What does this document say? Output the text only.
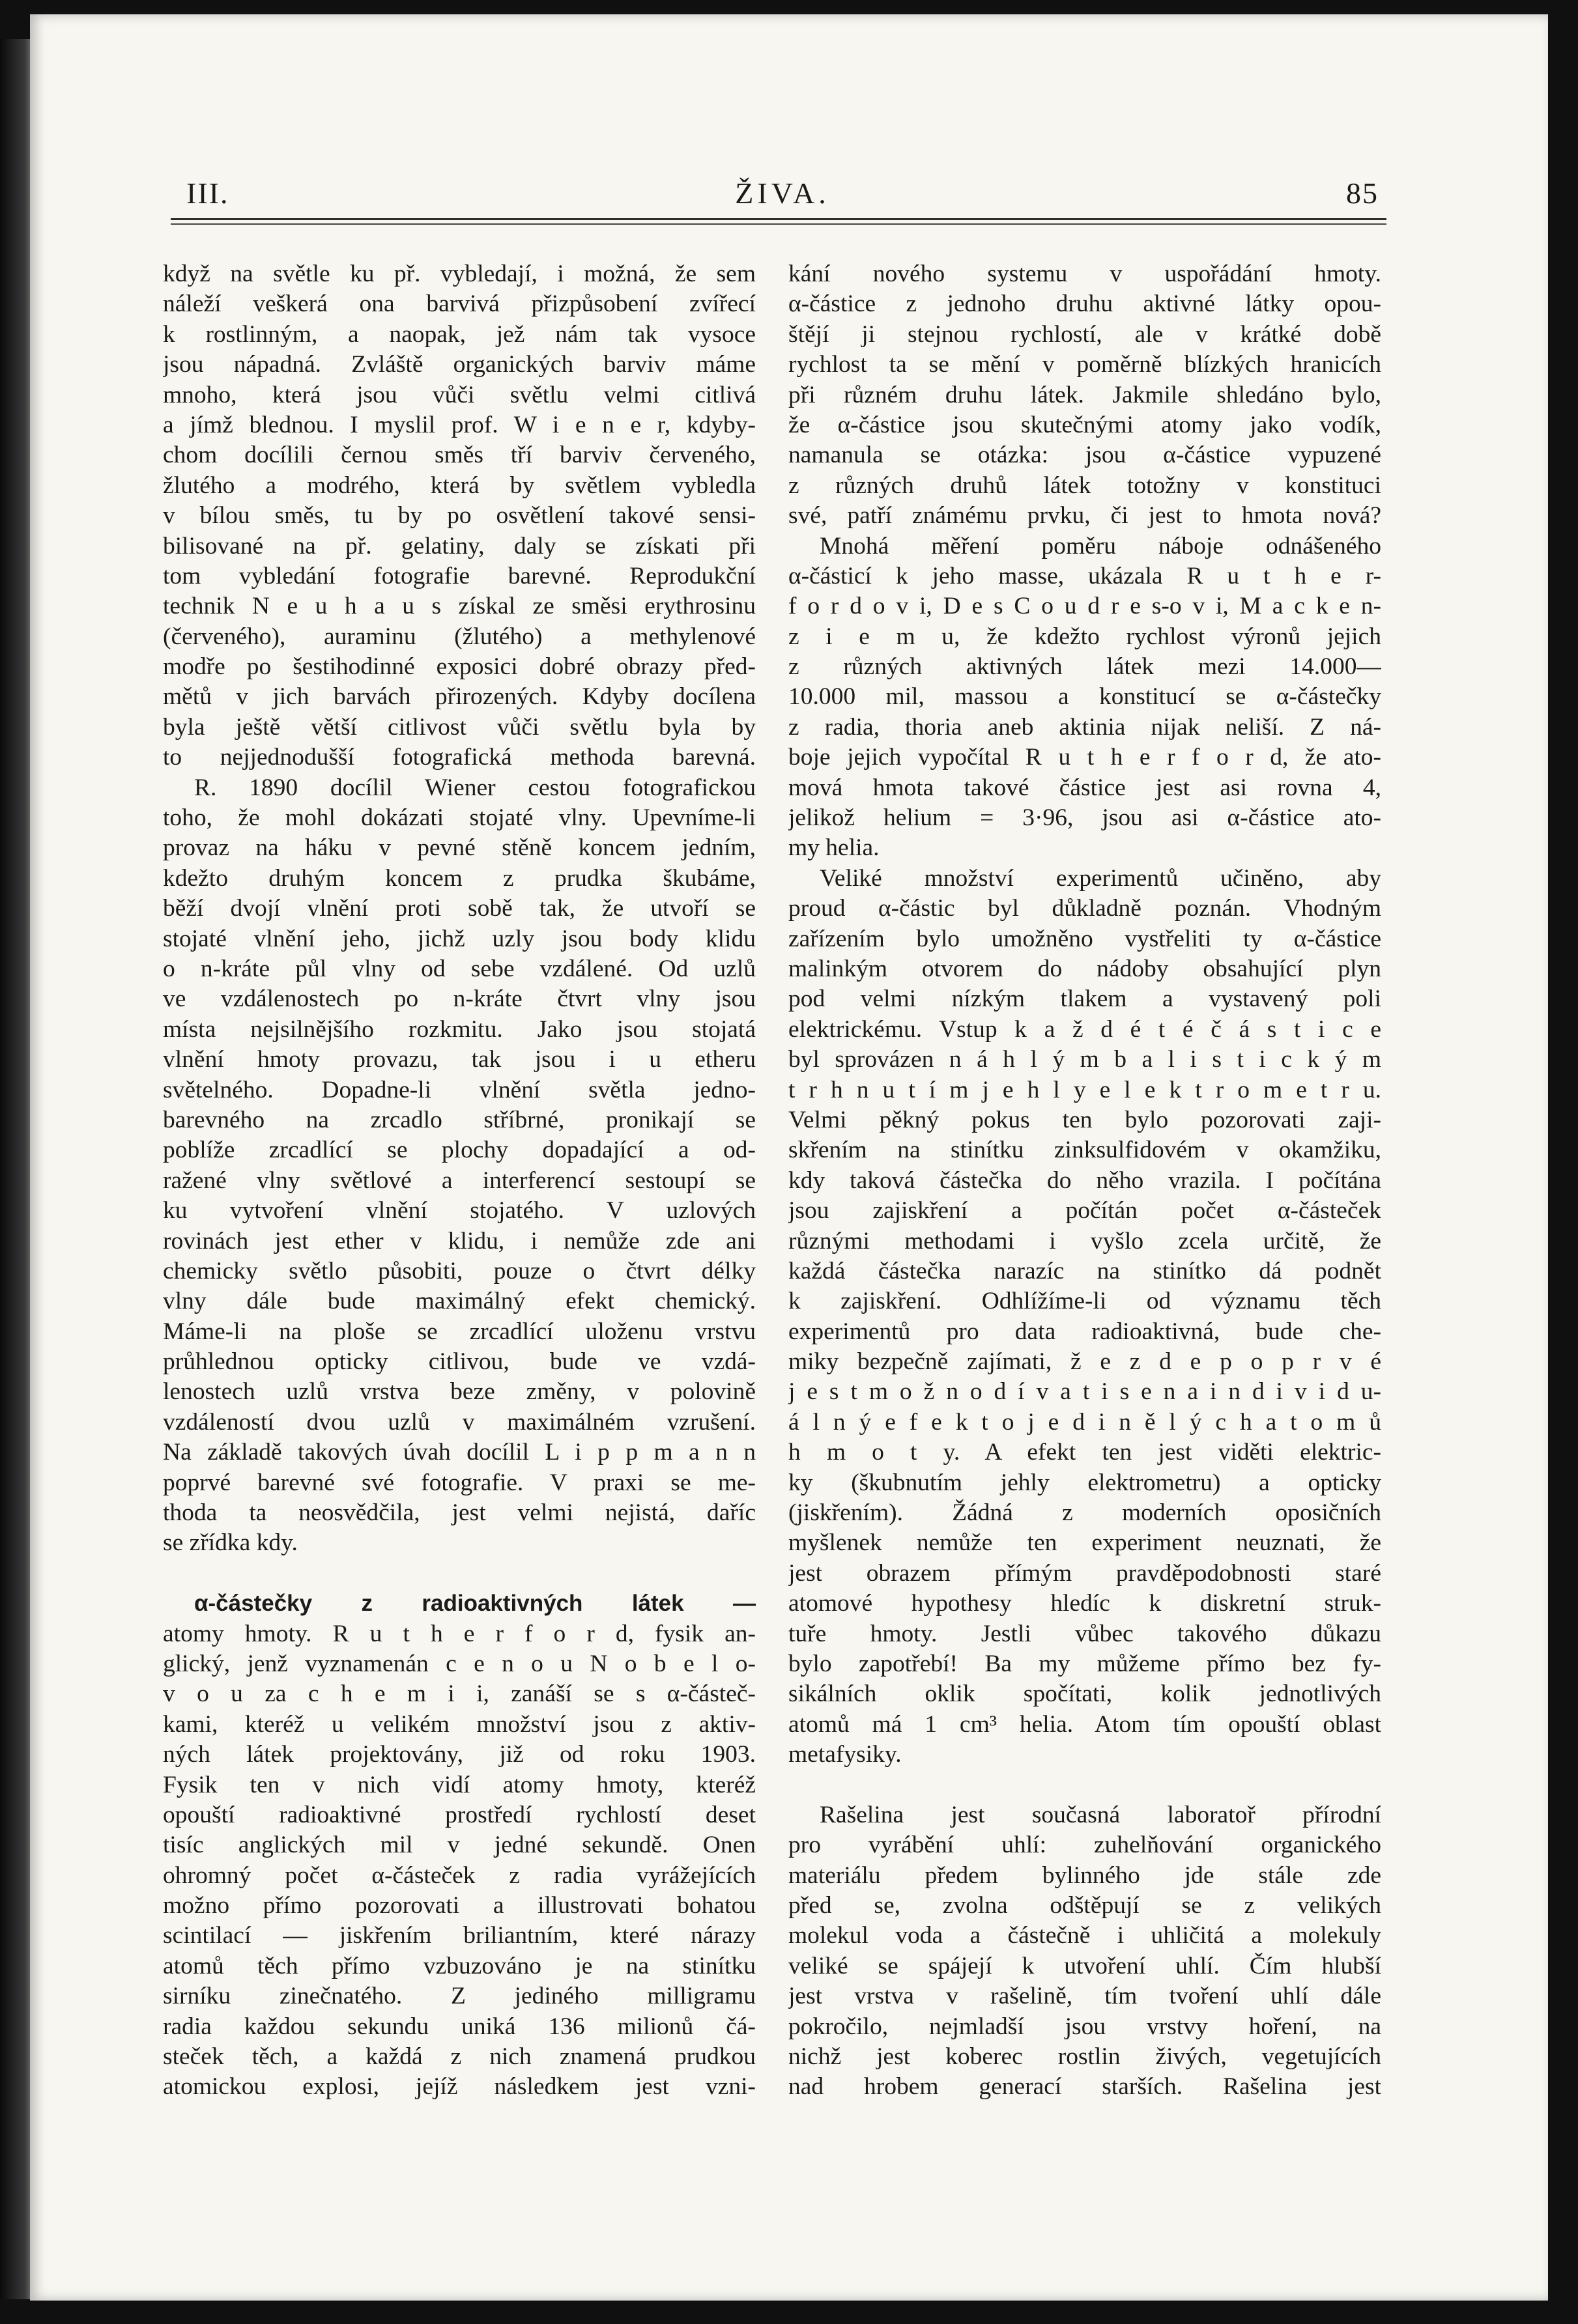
III.	ŽIVA.	85
když na světle ku př. vybledají, i možná, že sem
náleží veškerá ona barvivá přizpůsobení zvířecí
k rostlinným, a naopak, jež nám tak vysoce
jsou nápadná. Zvláště organických barviv máme
mnoho, která jsou vůči světlu velmi citlivá
a jímž blednou. I myslil prof. W i e n e r, kdyby-
chom docílili černou směs tří barviv červeného,
žlutého a modrého, která by světlem vybledla
v bílou směs, tu by po osvětlení takové sensi-
bilisované na př. gelatiny, daly se získati při
tom vybledání fotografie barevné. Reprodukční
technik N e u h a u s získal ze směsi erythrosinu
(červeného), auraminu (žlutého) a methylenové
modře po šestihodinné exposici dobré obrazy před-
mětů v jich barvách přirozených. Kdyby docílena
byla ještě větší citlivost vůči světlu byla by
to nejjednodušší fotografická methoda barevná.
R. 1890 docílil Wiener cestou fotografickou
toho, že mohl dokázati stojaté vlny. Upevníme-li
provaz na háku v pevné stěně koncem jedním,
kdežto druhým koncem z prudka škubáme,
běží dvojí vlnění proti sobě tak, že utvoří se
stojaté vlnění jeho, jichž uzly jsou body klidu
o n-kráte půl vlny od sebe vzdálené. Od uzlů
ve vzdálenostech po n-kráte čtvrt vlny jsou
místa nejsilnějšího rozkmitu. Jako jsou stojatá
vlnění hmoty provazu, tak jsou i u etheru
světelného. Dopadne-li vlnění světla jedno-
barevného na zrcadlo stříbrné, pronikají se
poblíže zrcadlící se plochy dopadající a od-
ražené vlny světlové a interferencí sestoupí se
ku vytvoření vlnění stojatého. V uzlových
rovinách jest ether v klidu, i nemůže zde ani
chemicky světlo působiti, pouze o čtvrt délky
vlny dále bude maximálný efekt chemický.
Máme-li na ploše se zrcadlící uloženu vrstvu
průhlednou opticky citlivou, bude ve vzdá-
lenostech uzlů vrstva beze změny, v polovině
vzdáleností dvou uzlů v maximálném vzrušení.
Na základě takových úvah docílil L i p p m a n n
poprvé barevné své fotografie. V praxi se me-
thoda ta neosvědčila, jest velmi nejistá, daříc
se zřídka kdy.
α-částečky z radioaktivných látek —
atomy hmoty. R u t h e r f o r d, fysik an-
glický, jenž vyznamenán c e n o u N o b e l o-
v o u za c h e m i i, zanáší se s α-částeč-
kami, kteréž u velikém množství jsou z aktiv-
ných látek projektovány, již od roku 1903.
Fysik ten v nich vidí atomy hmoty, kteréž
opouští radioaktivné prostředí rychlostí deset
tisíc anglických mil v jedné sekundě. Onen
ohromný počet α-částeček z radia vyrážejících
možno přímo pozorovati a illustrovati bohatou
scintilací — jiskřením briliantním, které nárazy
atomů těch přímo vzbuzováno je na stinítku
sirníku zinečnatého. Z jediného milligramu
radia každou sekundu uniká 136 milionů čá-
steček těch, a každá z nich znamená prudkou
atomickou explosi, jejíž následkem jest vzni-
kání nového systemu v uspořádání hmoty.
α-částice z jednoho druhu aktivné látky opou-
štějí ji stejnou rychlostí, ale v krátké době
rychlost ta se mění v poměrně blízkých hranicích
při různém druhu látek. Jakmile shledáno bylo,
že α-částice jsou skutečnými atomy jako vodík,
namanula se otázka: jsou α-částice vypuzené
z různých druhů látek totožny v konstituci
své, patří známému prvku, či jest to hmota nová?
Mnohá měření poměru náboje odnášeného
α-částicí k jeho masse, ukázala R u t h e r-
f o r d o v i, D e s C o u d r e s-o v i, M a c k e n-
z i e m u, že kdežto rychlost výronů jejich
z různých aktivných látek mezi 14.000—
10.000 mil, massou a konstitucí se α-částečky
z radia, thoria aneb aktinia nijak neliší. Z ná-
boje jejich vypočítal R u t h e r f o r d, že ato-
mová hmota takové částice jest asi rovna 4,
jelikož helium = 3·96, jsou asi α-částice ato-
my helia.
Veliké množství experimentů učiněno, aby
proud α-částic byl důkladně poznán. Vhodným
zařízením bylo umožněno vystřeliti ty α-částice
malinkým otvorem do nádoby obsahující plyn
pod velmi nízkým tlakem a vystavený poli
elektrickému. Vstup k a ž d é t é č á s t i c e
byl sprovázen n á h l ý m b a l i s t i c k ý m
t r h n u t í m j e h l y e l e k t r o m e t r u.
Velmi pěkný pokus ten bylo pozorovati zaji-
skřením na stinítku zinksulfidovém v okamžiku,
kdy taková částečka do něho vrazila. I počítána
jsou zajiskření a počítán počet α-částeček
různými methodami i vyšlo zcela určitě, že
každá částečka narazíc na stinítko dá podnět
k zajiskření. Odhlížíme-li od významu těch
experimentů pro data radioaktivná, bude che-
miky bezpečně zajímati, ž e z d e p o p r v é
j e s t m o ž n o d í v a t i s e n a i n d i v i d u-
á l n ý e f e k t o j e d i n ě l ý c h a t o m ů
h m o t y. A efekt ten jest viděti elektric-
ky (škubnutím jehly elektrometru) a opticky
(jiskřením). Žádná z moderních oposičních
myšlenek nemůže ten experiment neuznati, že
jest obrazem přímým pravděpodobnosti staré
atomové hypothesy hledíc k diskretní struk-
tuře hmoty. Jestli vůbec takového důkazu
bylo zapotřebí! Ba my můžeme přímo bez fy-
sikálních oklik spočítati, kolik jednotlivých
atomů má 1 cm³ helia. Atom tím opouští oblast
metafysiky.
Rašelina jest současná laboratoř přírodní
pro vyrábění uhlí: zuhelňování organického
materiálu předem bylinného jde stále zde
před se, zvolna odštěpují se z velikých
molekul voda a částečně i uhličitá a molekuly
veliké se spájejí k utvoření uhlí. Čím hlubší
jest vrstva v rašelině, tím tvoření uhlí dále
pokročilo, nejmladší jsou vrstvy hoření, na
nichž jest koberec rostlin živých, vegetujících
nad hrobem generací starších. Rašelina jest
